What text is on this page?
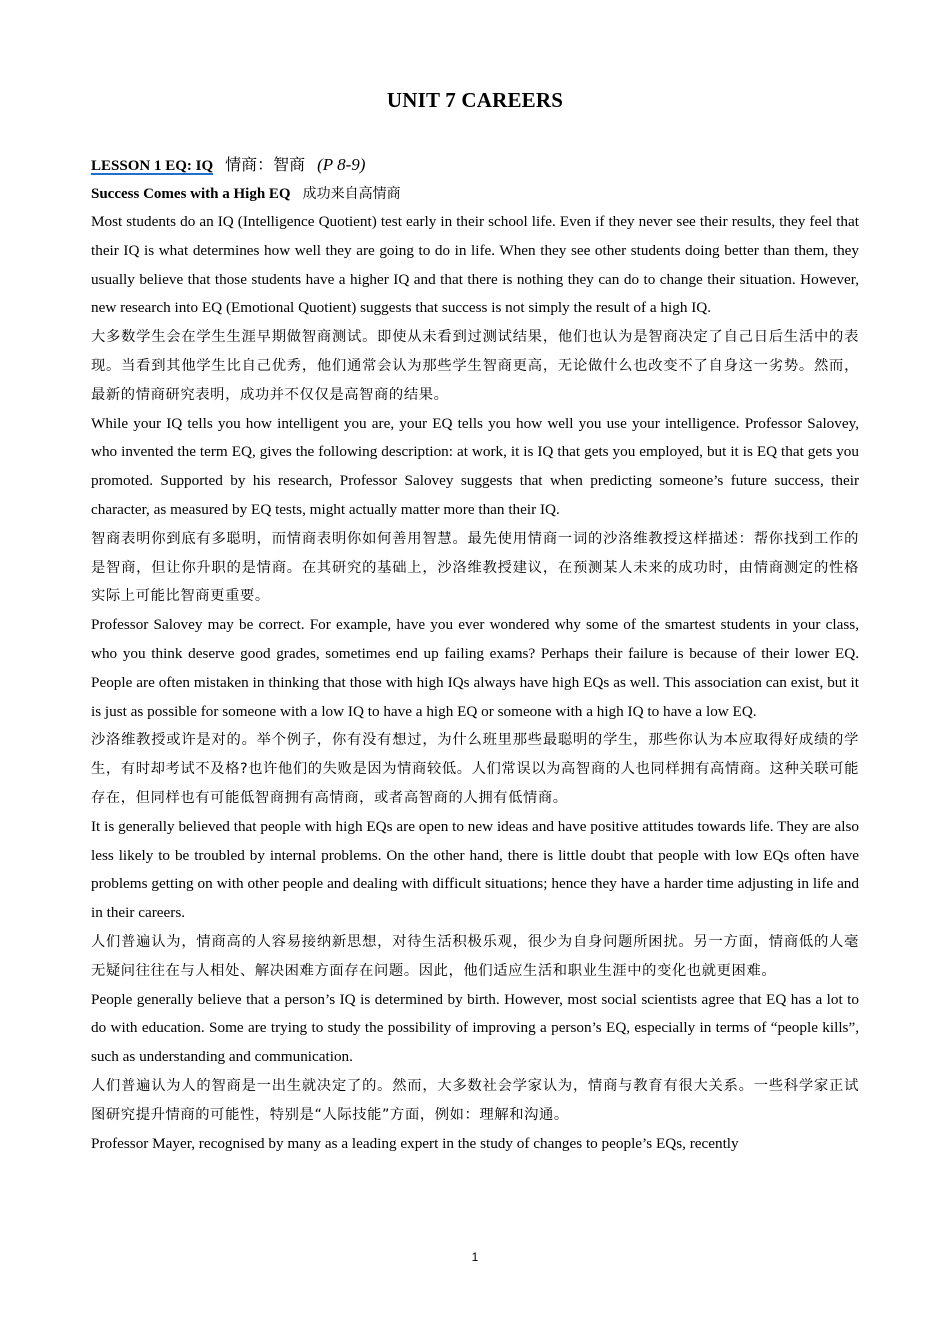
UNIT 7 CAREERS
LESSON 1 EQ: IQ 情商：智商 (P 8-9)
Success Comes with a High EQ 成功来自高情商

Most students do an IQ (Intelligence Quotient) test early in their school life. Even if they never see their results, they feel that their IQ is what determines how well they are going to do in life. When they see other students doing better than them, they usually believe that those students have a higher IQ and that there is nothing they can do to change their situation. However, new research into EQ (Emotional Quotient) suggests that success is not simply the result of a high IQ.

大多数学生会在学生生涯早期做智商测试。即使从未看到过测试结果，他们也认为是智商决定了自己日后生活中的表现。当看到其他学生比自己优秀，他们通常会认为那些学生智商更高，无论做什么也改变不了自身这一劣势。然而，最新的情商研究表明，成功并不仅仅是高智商的结果。

While your IQ tells you how intelligent you are, your EQ tells you how well you use your intelligence. Professor Salovey, who invented the term EQ, gives the following description: at work, it is IQ that gets you employed, but it is EQ that gets you promoted. Supported by his research, Professor Salovey suggests that when predicting someone’s future success, their character, as measured by EQ tests, might actually matter more than their IQ.

智商表明你到底有多聪明，而情商表明你如何善用智慧。最先使用情商一词的沙洛维教授这样描述：帮你找到工作的是智商，但让你升职的是情商。在其研究的基础上，沙洛维教授建议，在预测某人未来的成功时，由情商测定的性格实际上可能比智商更重要。

Professor Salovey may be correct. For example, have you ever wondered why some of the smartest students in your class, who you think deserve good grades, sometimes end up failing exams? Perhaps their failure is because of their lower EQ. People are often mistaken in thinking that those with high IQs always have high EQs as well. This association can exist, but it is just as possible for someone with a low IQ to have a high EQ or someone with a high IQ to have a low EQ.

沙洛维教授或许是对的。举个例子，你有没有想过，为什么班里那些最聪明的学生，那些你认为本应取得好成绩的学生，有时却考试不及格?也许他们的失败是因为情商较低。人们常误以为高智商的人也同样拥有高情商。这种关联可能存在，但同样也有可能低智商拥有高情商，或者高智商的人拥有低情商。

It is generally believed that people with high EQs are open to new ideas and have positive attitudes towards life. They are also less likely to be troubled by internal problems. On the other hand, there is little doubt that people with low EQs often have problems getting on with other people and dealing with difficult situations; hence they have a harder time adjusting in life and in their careers.

人们普遍认为，情商高的人容易接纳新思想，对待生活积极乐观，很少为自身问题所困扰。另一方面，情商低的人毫无疑问往往在与人相处、解决困难方面存在问题。因此，他们适应生活和职业生涯中的变化也就更困难。

People generally believe that a person’s IQ is determined by birth. However, most social scientists agree that EQ has a lot to do with education. Some are trying to study the possibility of improving a person’s EQ, especially in terms of “people kills”, such as understanding and communication.

人们普遍认为人的智商是一出生就决定了的。然而，大多数社会学家认为，情商与教育有很大关系。一些科学家正试图研究提升情商的可能性，特别是“人际技能”方面，例如：理解和沟通。

Professor Mayer, recognised by many as a leading expert in the study of changes to people’s EQs, recently

1
